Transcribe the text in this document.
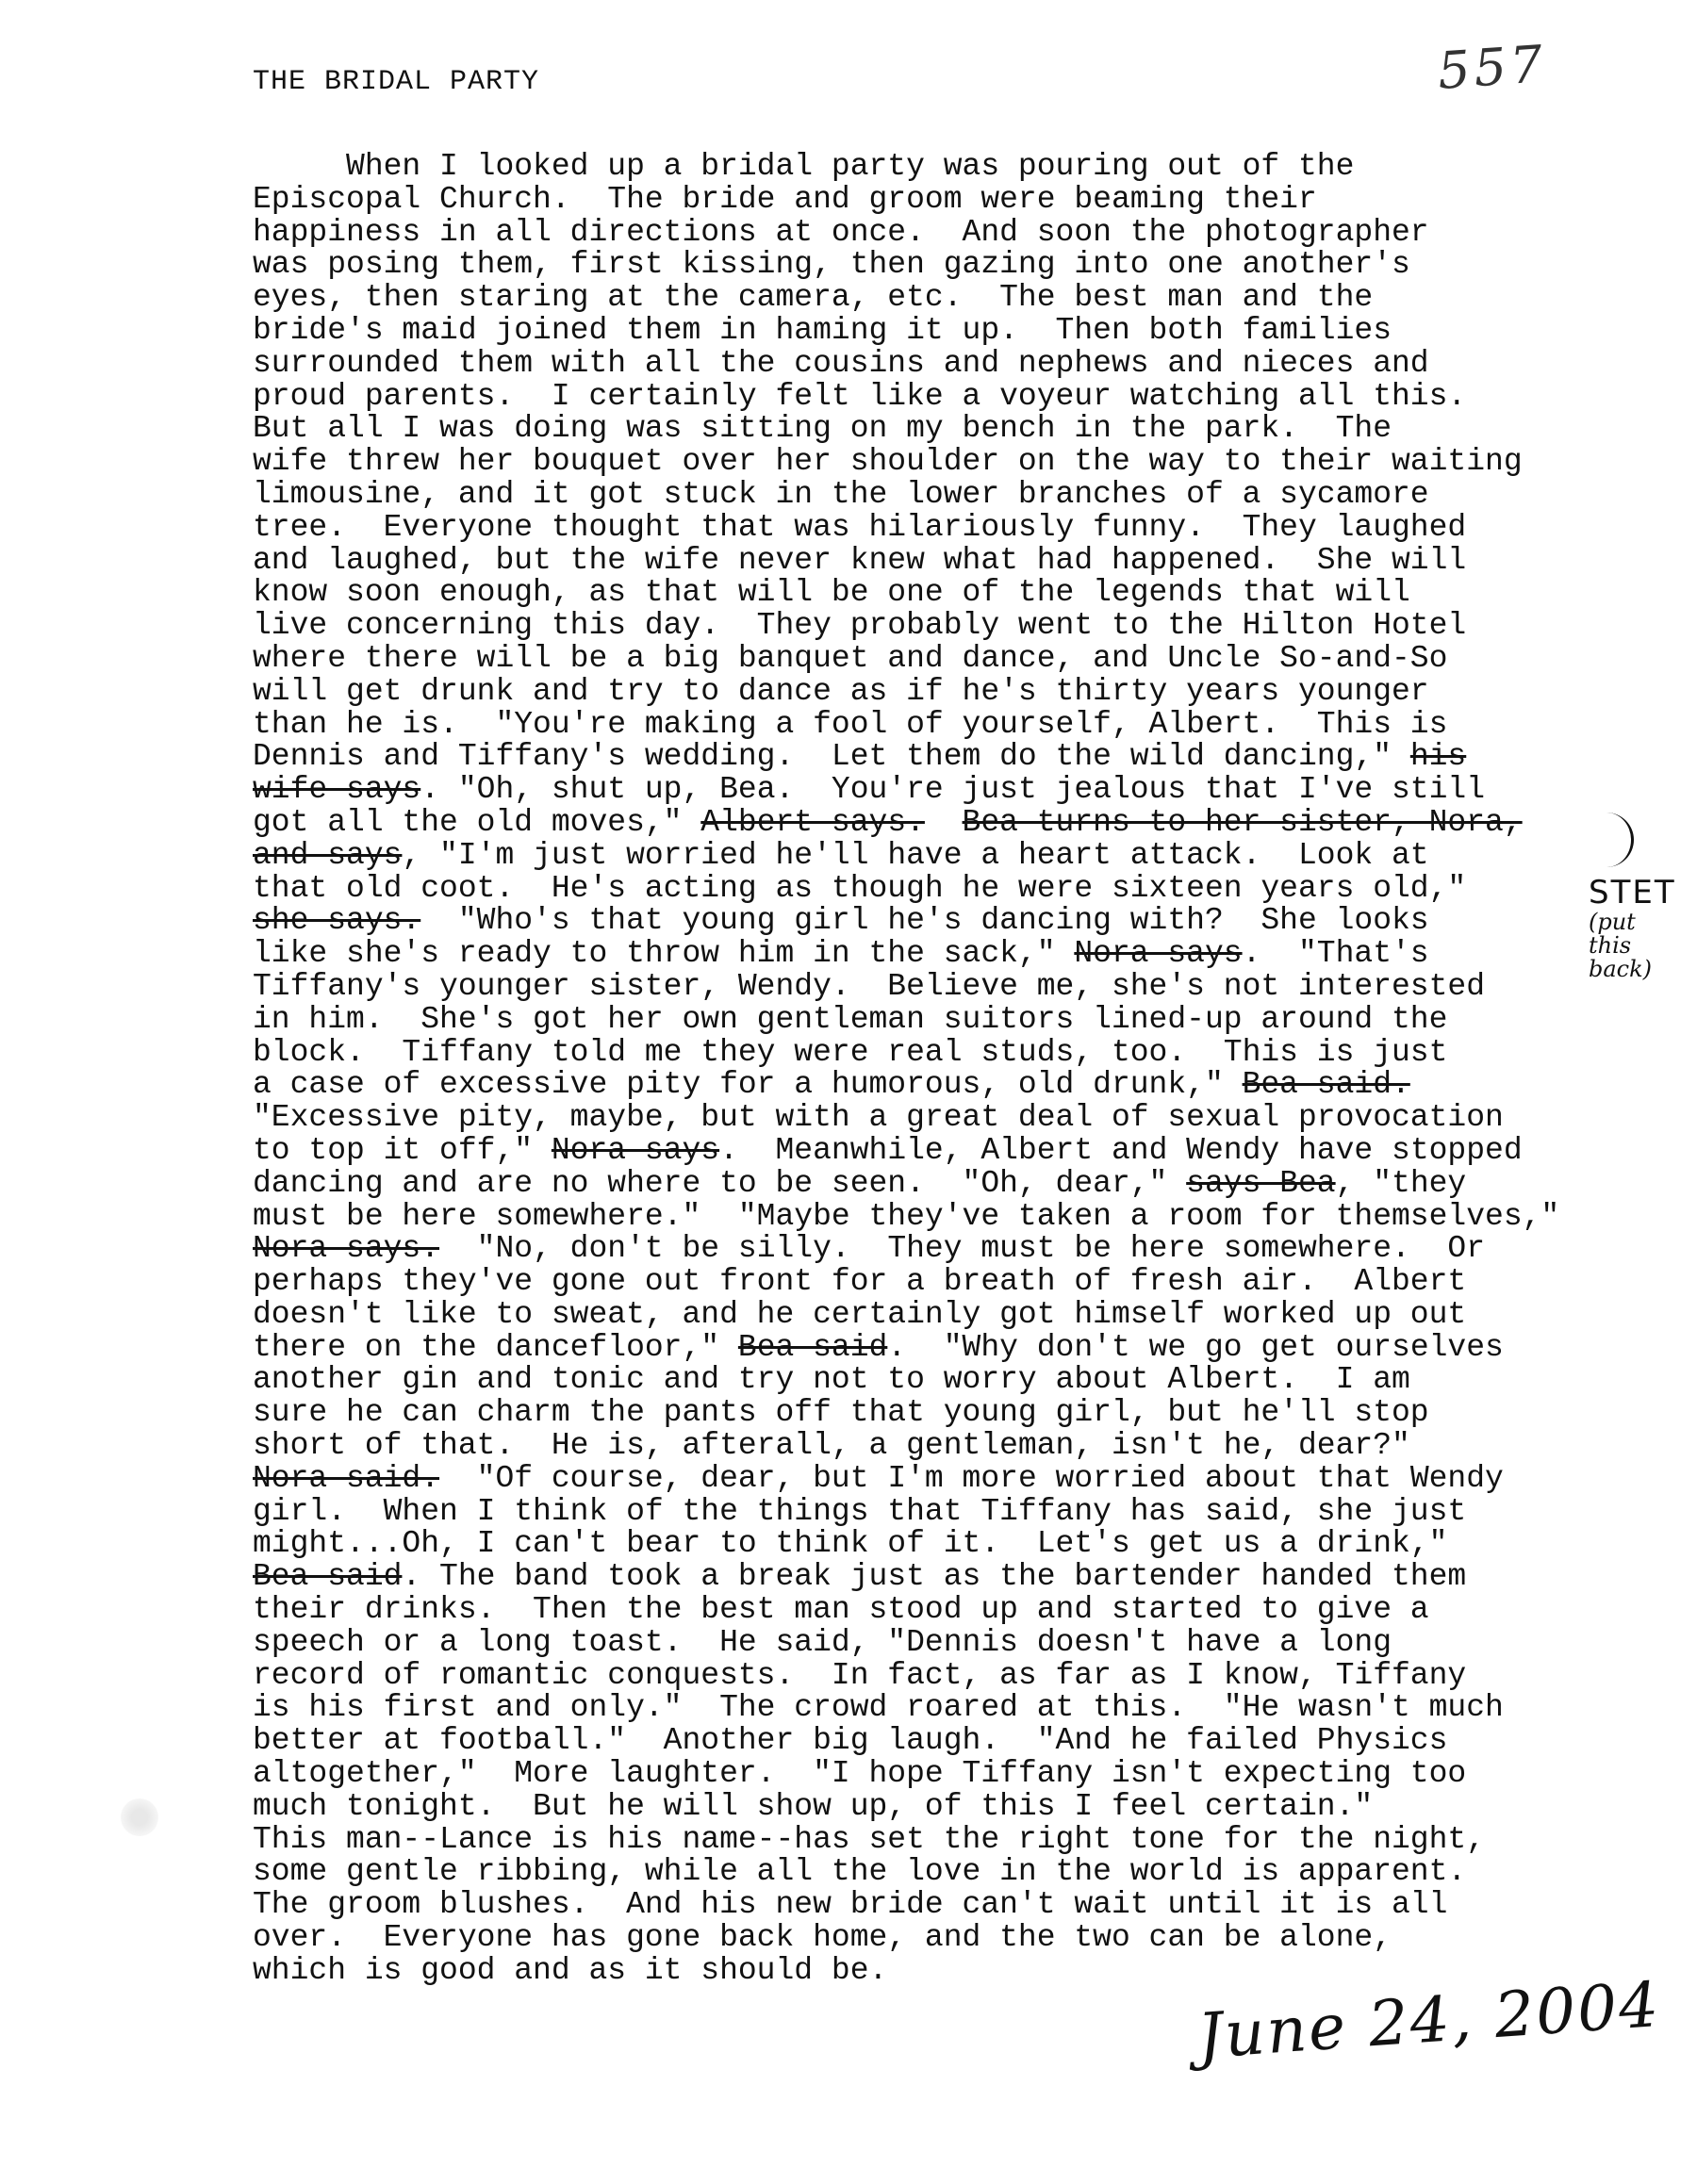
557
THE BRIDAL PARTY
When I looked up a bridal party was pouring out of the
Episcopal Church.  The bride and groom were beaming their
happiness in all directions at once.  And soon the photographer
was posing them, first kissing, then gazing into one another's
eyes, then staring at the camera, etc.  The best man and the
bride's maid joined them in haming it up.  Then both families
surrounded them with all the cousins and nephews and nieces and
proud parents.  I certainly felt like a voyeur watching all this.
But all I was doing was sitting on my bench in the park.  The
wife threw her bouquet over her shoulder on the way to their waiting
limousine, and it got stuck in the lower branches of a sycamore
tree.  Everyone thought that was hilariously funny.  They laughed
and laughed, but the wife never knew what had happened.  She will
know soon enough, as that will be one of the legends that will
live concerning this day.  They probably went to the Hilton Hotel
where there will be a big banquet and dance, and Uncle So-and-So
will get drunk and try to dance as if he's thirty years younger
than he is.  "You're making a fool of yourself, Albert.  This is
Dennis and Tiffany's wedding.  Let them do the wild dancing," his
wife says. "Oh, shut up, Bea.  You're just jealous that I've still
got all the old moves," Albert says. Bea turns to her sister, Nora,
and says, "I'm just worried he'll have a heart attack.  Look at
that old coot.  He's acting as though he were sixteen years old,"
she says.  "Who's that young girl he's dancing with?  She looks
like she's ready to throw him in the sack," Nora says.  "That's
Tiffany's younger sister, Wendy.  Believe me, she's not interested
in him.  She's got her own gentleman suitors lined-up around the
block.  Tiffany told me they were real studs, too.  This is just
a case of excessive pity for a humorous, old drunk," Bea said.
"Excessive pity, maybe, but with a great deal of sexual provocation
to top it off," Nora says.  Meanwhile, Albert and Wendy have stopped
dancing and are no where to be seen.  "Oh, dear," says Bea, "they
must be here somewhere."  "Maybe they've taken a room for themselves,"
Nora says.  "No, don't be silly.  They must be here somewhere.  Or
perhaps they've gone out front for a breath of fresh air.  Albert
doesn't like to sweat, and he certainly got himself worked up out
there on the dancefloor," Bea said.  "Why don't we go get ourselves
another gin and tonic and try not to worry about Albert.  I am
sure he can charm the pants off that young girl, but he'll stop
short of that.  He is, afterall, a gentleman, isn't he, dear?"
Nora said.  "Of course, dear, but I'm more worried about that Wendy
girl.  When I think of the things that Tiffany has said, she just
might...Oh, I can't bear to think of it.  Let's get us a drink,"
Bea said. The band took a break just as the bartender handed them
their drinks.  Then the best man stood up and started to give a
speech or a long toast.  He said, "Dennis doesn't have a long
record of romantic conquests.  In fact, as far as I know, Tiffany
is his first and only."  The crowd roared at this.  "He wasn't much
better at football."  Another big laugh.  "And he failed Physics
altogether,"  More laughter.  "I hope Tiffany isn't expecting too
much tonight.  But he will show up, of this I feel certain."
This man--Lance is his name--has set the right tone for the night,
some gentle ribbing, while all the love in the world is apparent.
The groom blushes.  And his new bride can't wait until it is all
over.  Everyone has gone back home, and the two can be alone,
which is good and as it should be.
STET
(put this back)
June 24, 2004
